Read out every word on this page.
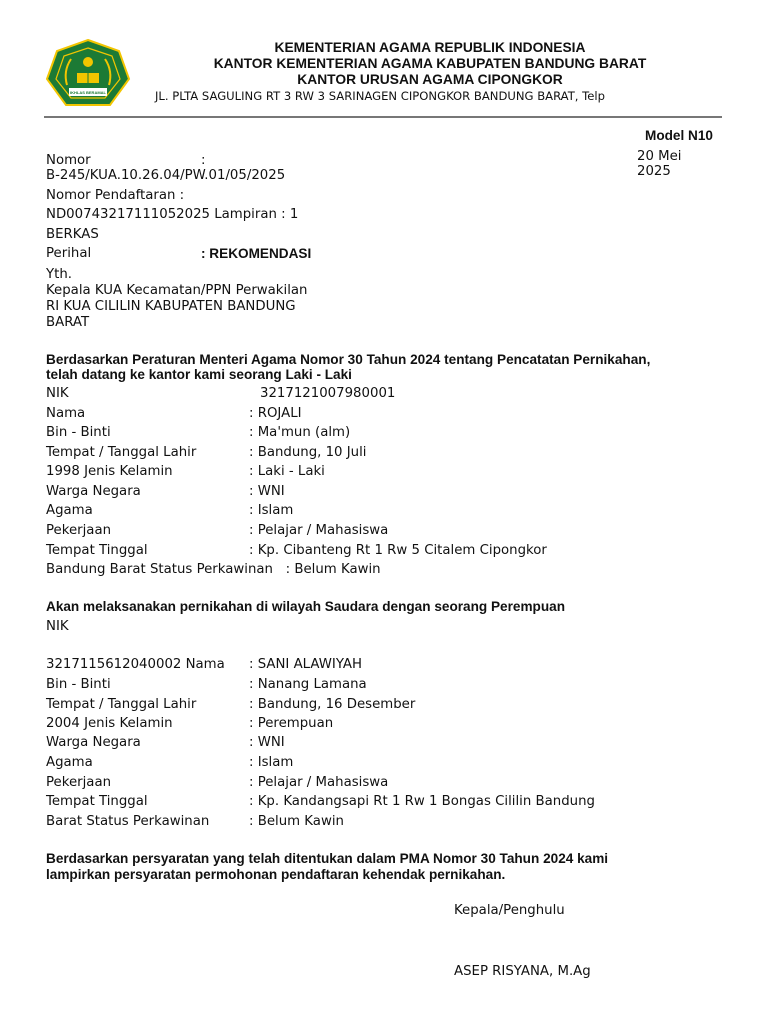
IKHLAS BERAMAL
KEMENTERIAN AGAMA REPUBLIK INDONESIA
KANTOR KEMENTERIAN AGAMA KABUPATEN BANDUNG BARAT
KANTOR URUSAN AGAMA CIPONGKOR
JL. PLTA SAGULING RT 3 RW 3 SARINAGEN CIPONGKOR BANDUNG BARAT, Telp
Model N10
20 Mei
2025
Nomor	:
B-245/KUA.10.26.04/PW.01/05/2025
Nomor Pendaftaran :
ND00743217111052025 Lampiran : 1
BERKAS
Perihal	: REKOMENDASI
Yth.
Kepala KUA Kecamatan/PPN Perwakilan
RI KUA CILILIN KABUPATEN BANDUNG
BARAT
Berdasarkan Peraturan Menteri Agama Nomor 30 Tahun 2024 tentang Pencatatan Pernikahan,
telah datang ke kantor kami seorang Laki - Laki
NIK	3217121007980001
Nama	: ROJALI
Bin - Binti	: Ma'mun (alm)
Tempat / Tanggal Lahir	: Bandung, 10 Juli
1998 Jenis Kelamin	: Laki - Laki
Warga Negara	: WNI
Agama	: Islam
Pekerjaan	: Pelajar / Mahasiswa
Tempat Tinggal	: Kp. Cibanteng Rt 1 Rw 5 Citalem Cipongkor
Bandung Barat Status Perkawinan   : Belum Kawin
Akan melaksanakan pernikahan di wilayah Saudara dengan seorang Perempuan
NIK
3217115612040002 Nama : SANI ALAWIYAH
Bin - Binti	: Nanang Lamana
Tempat / Tanggal Lahir	: Bandung, 16 Desember
2004 Jenis Kelamin	: Perempuan
Warga Negara	: WNI
Agama	: Islam
Pekerjaan	: Pelajar / Mahasiswa
Tempat Tinggal	: Kp. Kandangsapi Rt 1 Rw 1 Bongas Cililin Bandung
Barat Status Perkawinan	: Belum Kawin
Berdasarkan persyaratan yang telah ditentukan dalam PMA Nomor 30 Tahun 2024 kami
lampirkan persyaratan permohonan pendaftaran kehendak pernikahan.
Kepala/Penghulu
ASEP RISYANA, M.Ag
